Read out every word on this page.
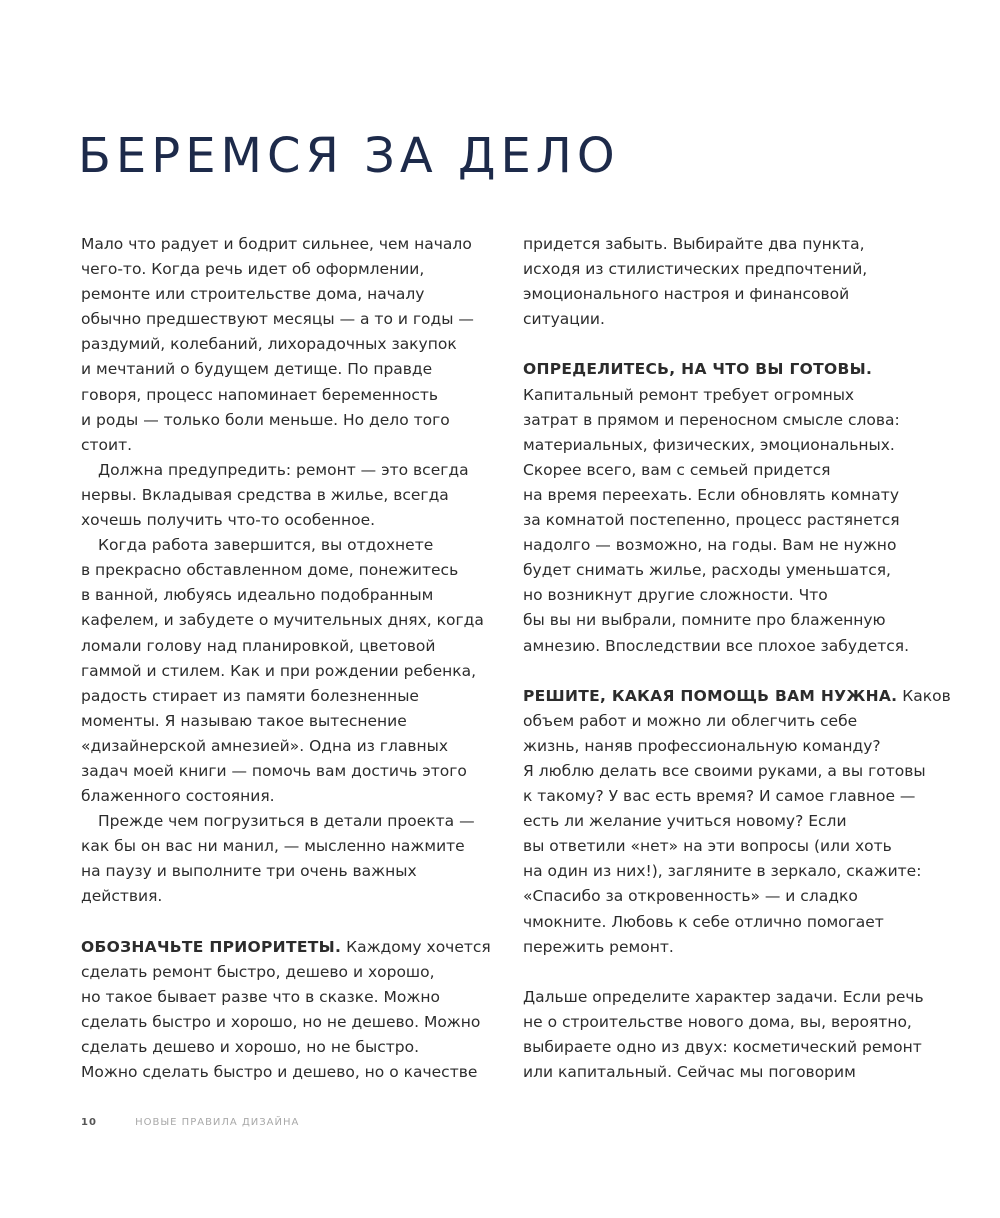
БЕРЕМСЯ ЗА ДЕЛО
Мало что радует и бодрит сильнее, чем начало
чего-то. Когда речь идет об оформлении,
ремонте или строительстве дома, началу
обычно предшествуют месяцы — а то и годы —
раздумий, колебаний, лихорадочных закупок
и мечтаний о будущем детище. По правде
говоря, процесс напоминает беременность
и роды — только боли меньше. Но дело того
стоит.
Должна предупредить: ремонт — это всегда
нервы. Вкладывая средства в жилье, всегда
хочешь получить что-то особенное.
Когда работа завершится, вы отдохнете
в прекрасно обставленном доме, понежитесь
в ванной, любуясь идеально подобранным
кафелем, и забудете о мучительных днях, когда
ломали голову над планировкой, цветовой
гаммой и стилем. Как и при рождении ребенка,
радость стирает из памяти болезненные
моменты. Я называю такое вытеснение
«дизайнерской амнезией». Одна из главных
задач моей книги — помочь вам достичь этого
блаженного состояния.
Прежде чем погрузиться в детали проекта —
как бы он вас ни манил, — мысленно нажмите
на паузу и выполните три очень важных
действия.
ОБОЗНАЧЬТЕ ПРИОРИТЕТЫ. Каждому хочется
сделать ремонт быстро, дешево и хорошо,
но такое бывает разве что в сказке. Можно
сделать быстро и хорошо, но не дешево. Можно
сделать дешево и хорошо, но не быстро.
Можно сделать быстро и дешево, но о качестве
придется забыть. Выбирайте два пункта,
исходя из стилистических предпочтений,
эмоционального настроя и финансовой
ситуации.
ОПРЕДЕЛИТЕСЬ, НА ЧТО ВЫ ГОТОВЫ.
Капитальный ремонт требует огромных
затрат в прямом и переносном смысле слова:
материальных, физических, эмоциональных.
Скорее всего, вам с семьей придется
на время переехать. Если обновлять комнату
за комнатой постепенно, процесс растянется
надолго — возможно, на годы. Вам не нужно
будет снимать жилье, расходы уменьшатся,
но возникнут другие сложности. Что
бы вы ни выбрали, помните про блаженную
амнезию. Впоследствии все плохое забудется.
РЕШИТЕ, КАКАЯ ПОМОЩЬ ВАМ НУЖНА. Каков
объем работ и можно ли облегчить себе
жизнь, наняв профессиональную команду?
Я люблю делать все своими руками, а вы готовы
к такому? У вас есть время? И самое главное —
есть ли желание учиться новому? Если
вы ответили «нет» на эти вопросы (или хоть
на один из них!), загляните в зеркало, скажите:
«Спасибо за откровенность» — и сладко
чмокните. Любовь к себе отлично помогает
пережить ремонт.
Дальше определите характер задачи. Если речь
не о строительстве нового дома, вы, вероятно,
выбираете одно из двух: косметический ремонт
или капитальный. Сейчас мы поговорим
10	НОВЫЕ ПРАВИЛА ДИЗАЙНА
